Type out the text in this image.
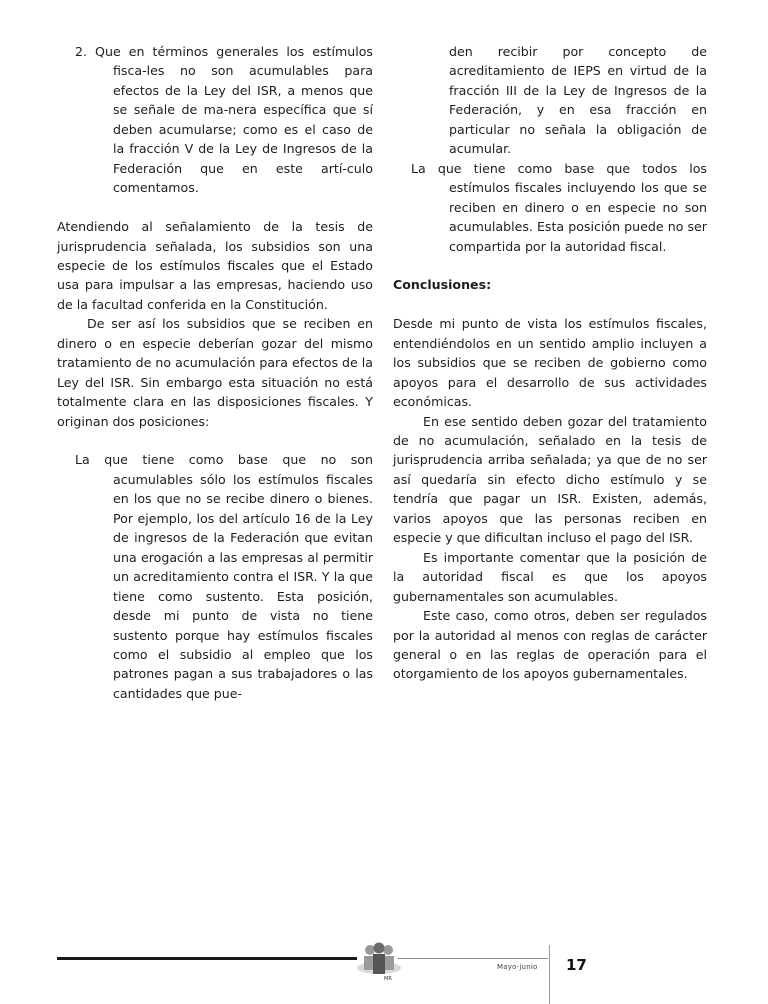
2. Que en términos generales los estímulos fisca-les no son acumulables para efectos de la Ley del ISR, a menos que se señale de ma-nera específica que sí deben acumularse; como es el caso de la fracción V de la Ley de Ingresos de la Federación que en este artí-culo comentamos.

Atendiendo al señalamiento de la tesis de jurisprudencia señalada, los subsidios son una especie de los estímulos fiscales que el Estado usa para impulsar a las empresas, haciendo uso de la facultad conferida en la Constitución.

De ser así los subsidios que se reciben en dinero o en especie deberían gozar del mismo tratamiento de no acumulación para efectos de la Ley del ISR. Sin embargo esta situación no está totalmente clara en las disposiciones fiscales. Y originan dos posiciones:

La que tiene como base que no son acumulables sólo los estímulos fiscales en los que no se recibe dinero o bienes. Por ejemplo, los del artículo 16 de la Ley de ingresos de la Federación que evitan una erogación a las empresas al permitir un acreditamiento contra el ISR. Y la que tiene como sustento. Esta posición, desde mi punto de vista no tiene sustento porque hay estímulos fiscales como el subsidio al empleo que los patrones pagan a sus trabajadores o las cantidades que pue-

den recibir por concepto de acreditamiento de IEPS en virtud de la fracción III de la Ley de Ingresos de la Federación, y en esa fracción en particular no señala la obligación de acumular.

La que tiene como base que todos los estímulos fiscales incluyendo los que se reciben en dinero o en especie no son acumulables. Esta posición puede no ser compartida por la autoridad fiscal.

Conclusiones:

Desde mi punto de vista los estímulos fiscales, entendiéndolos en un sentido amplio incluyen a los subsidios que se reciben de gobierno como apoyos para el desarrollo de sus actividades económicas.

En ese sentido deben gozar del tratamiento de no acumulación, señalado en la tesis de jurisprudencia arriba señalada; ya que de no ser así quedaría sin efecto dicho estímulo y se tendría que pagar un ISR. Existen, además, varios apoyos que las personas reciben en especie y que dificultan incluso el pago del ISR.

Es importante comentar que la posición de la autoridad fiscal es que los apoyos gubernamentales son acumulables.

Este caso, como otros, deben ser regulados por la autoridad al menos con reglas de carácter general o en las reglas de operación para el otorgamiento de los apoyos gubernamentales.

MR
Mayo-junio 17
